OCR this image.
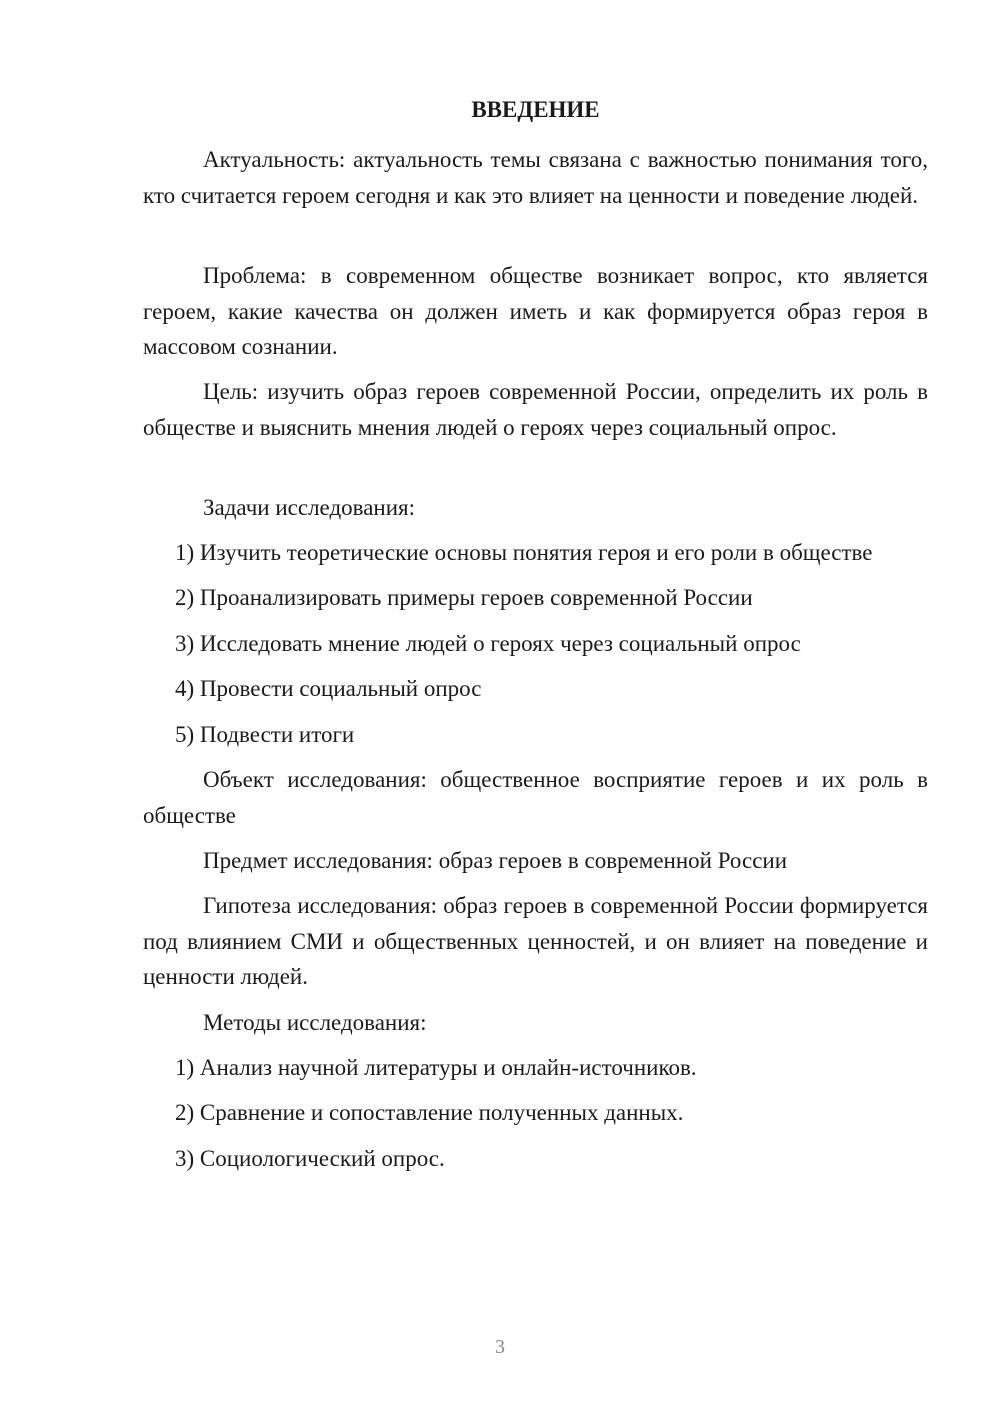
ВВЕДЕНИЕ

Актуальность: актуальность темы связана с важностью понимания того, кто считается героем сегодня и как это влияет на ценности и поведение людей.

Проблема: в современном обществе возникает вопрос, кто является героем, какие качества он должен иметь и как формируется образ героя в массовом сознании.

Цель: изучить образ героев современной России, определить их роль в обществе и выяснить мнения людей о героях через социальный опрос.

Задачи исследования:

1) Изучить теоретические основы понятия героя и его роли в обществе

2) Проанализировать примеры героев современной России

3) Исследовать мнение людей о героях через социальный опрос

4) Провести социальный опрос

5) Подвести итоги

Объект исследования: общественное восприятие героев и их роль в обществе

Предмет исследования: образ героев в современной России

Гипотеза исследования: образ героев в современной России формируется под влиянием СМИ и общественных ценностей, и он влияет на поведение и ценности людей.

Методы исследования:

1) Анализ научной литературы и онлайн-источников.

2) Сравнение и сопоставление полученных данных.

3) Социологический опрос.

3
